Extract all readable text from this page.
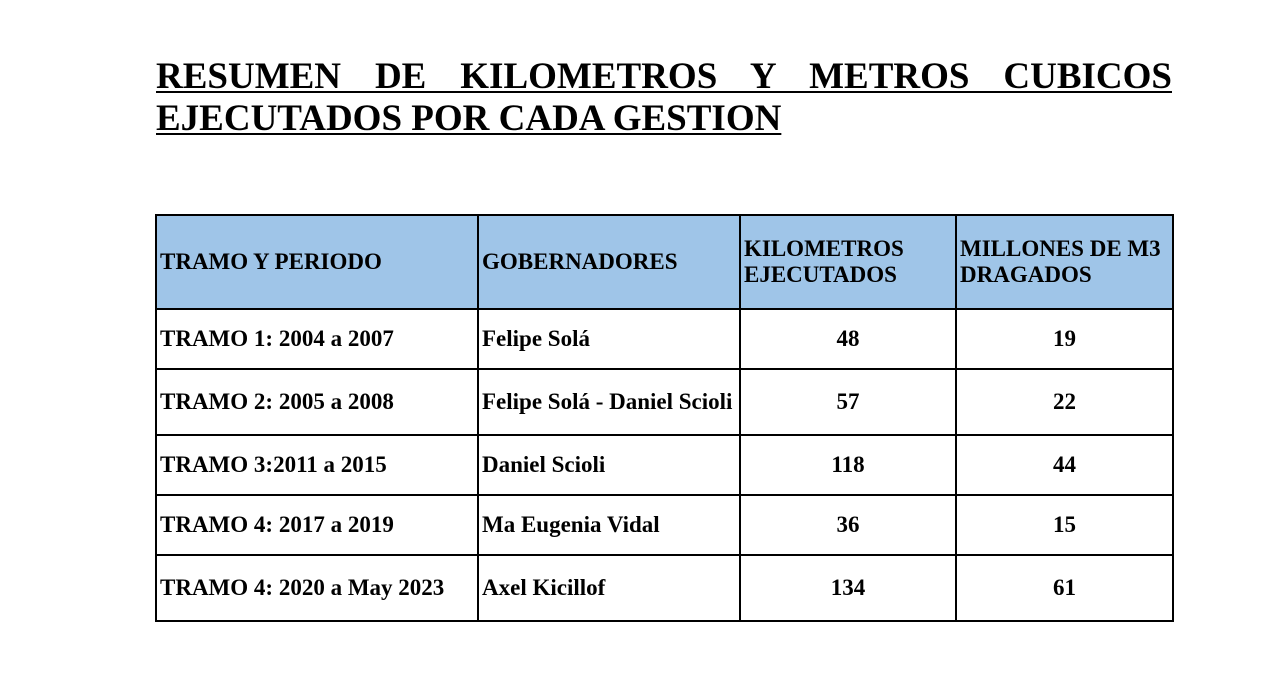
RESUMEN DE KILOMETROS Y METROS CUBICOS
EJECUTADOS POR CADA GESTION
TRAMO Y PERIODO	GOBERNADORES	KILOMETROS EJECUTADOS	MILLONES DE M3 DRAGADOS
TRAMO 1: 2004 a 2007	Felipe Solá	48	19
TRAMO 2: 2005 a 2008	Felipe Solá - Daniel Scioli	57	22
TRAMO 3:2011 a 2015	Daniel Scioli	118	44
TRAMO 4: 2017 a 2019	Ma Eugenia Vidal	36	15
TRAMO 4: 2020 a May 2023	Axel Kicillof	134	61
